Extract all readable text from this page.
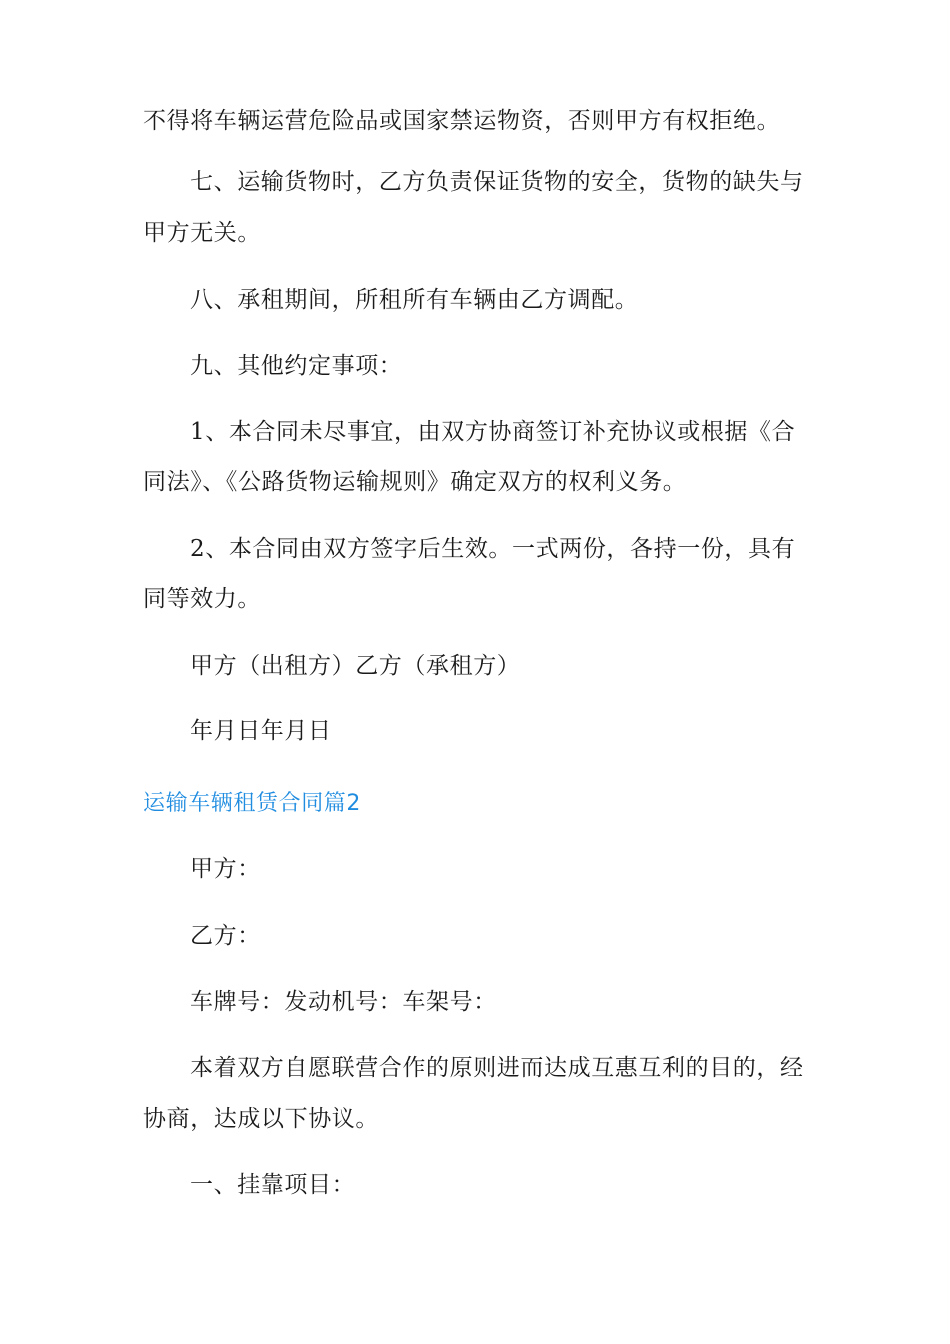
不得将车辆运营危险品或国家禁运物资，否则甲方有权拒绝。
七、运输货物时，乙方负责保证货物的安全，货物的缺失与
甲方无关。
八、承租期间，所租所有车辆由乙方调配。
九、其他约定事项：
1、本合同未尽事宜，由双方协商签订补充协议或根据《合
同法》、《公路货物运输规则》确定双方的权利义务。
2、本合同由双方签字后生效。一式两份，各持一份，具有
同等效力。
甲方（出租方）乙方（承租方）
年月日年月日
运输车辆租赁合同篇2
甲方：
乙方：
车牌号：发动机号：车架号：
本着双方自愿联营合作的原则进而达成互惠互利的目的，经
协商，达成以下协议。
一、挂靠项目：
